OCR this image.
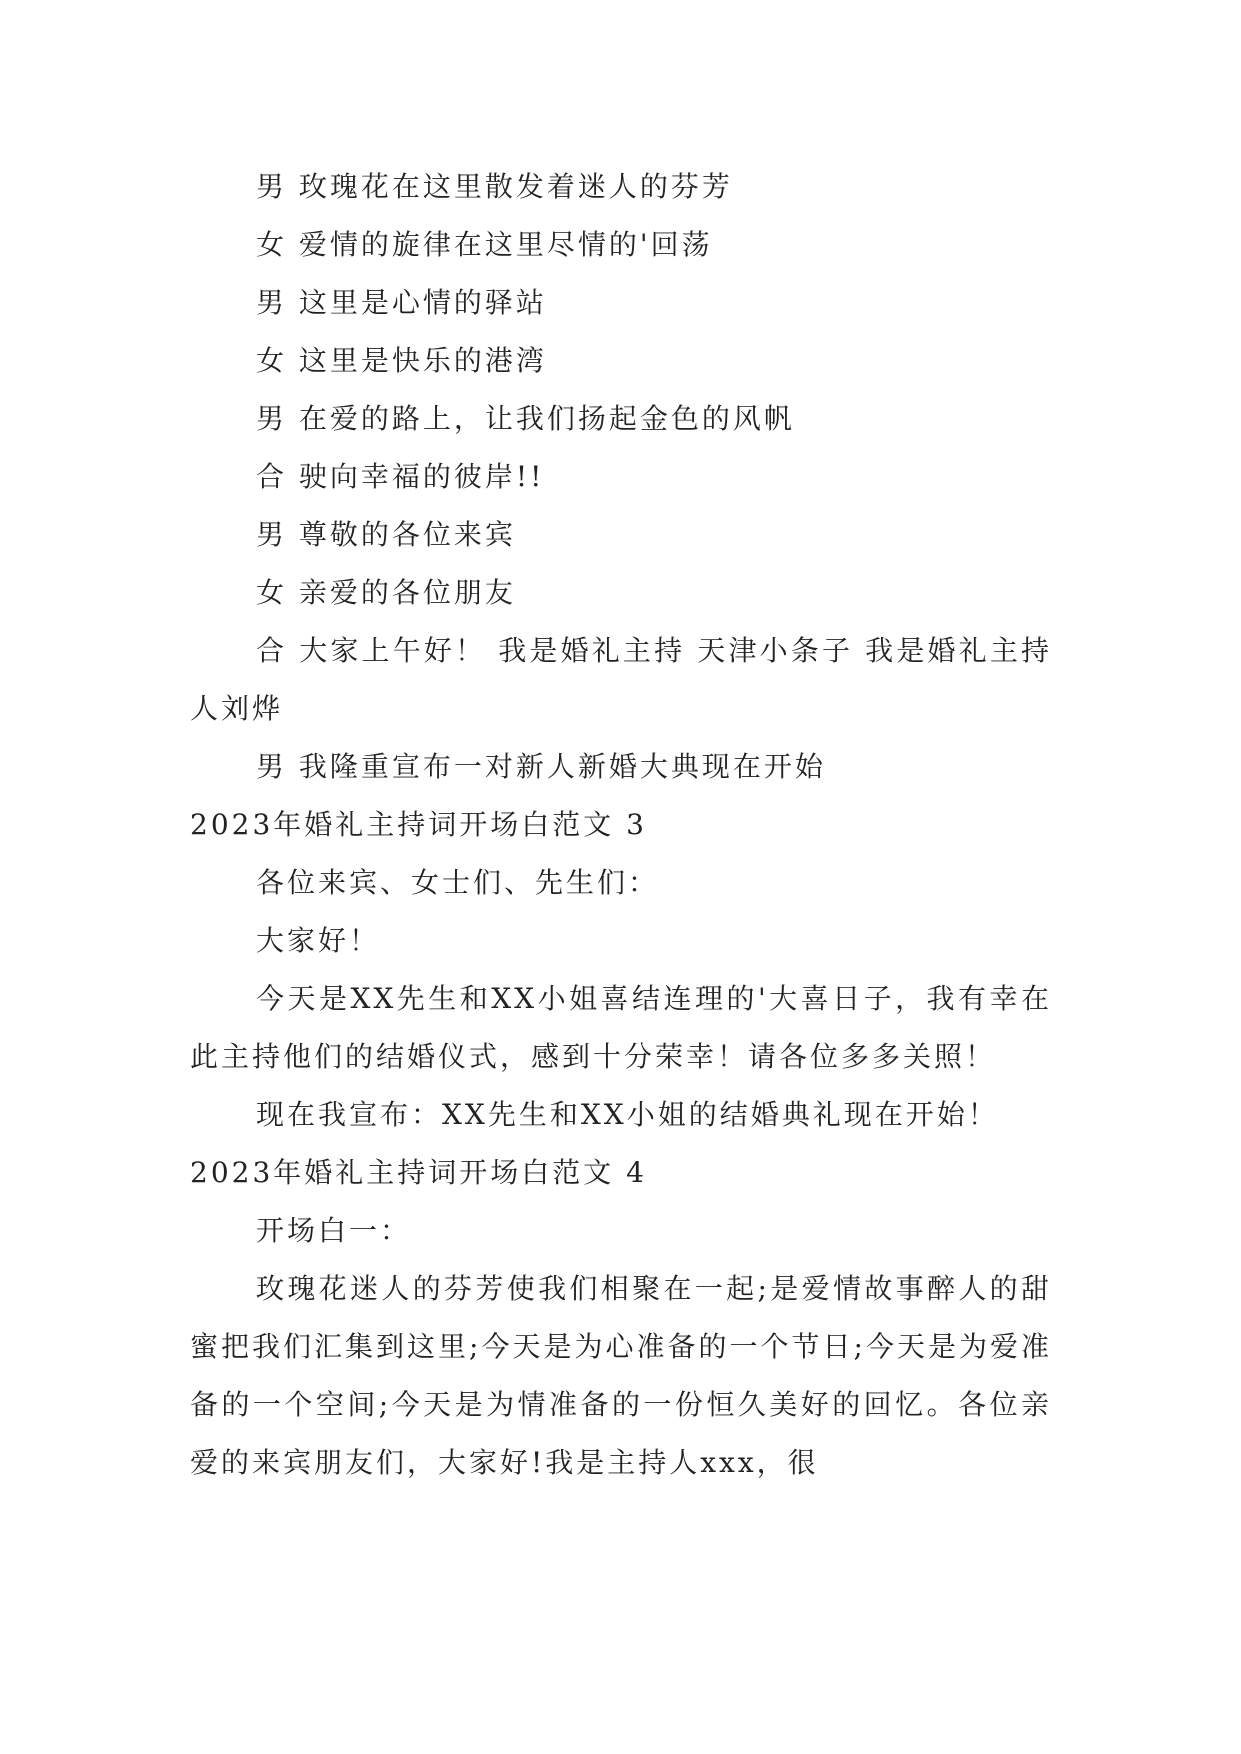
男 玫瑰花在这里散发着迷人的芬芳

女 爱情的旋律在这里尽情的'回荡

男 这里是心情的驿站

女 这里是快乐的港湾

男 在爱的路上，让我们扬起金色的风帆

合 驶向幸福的彼岸!!

男 尊敬的各位来宾

女 亲爱的各位朋友

合 大家上午好！ 我是婚礼主持 天津小条子 我是婚礼主持人刘烨

男 我隆重宣布一对新人新婚大典现在开始

2023年婚礼主持词开场白范文 3

各位来宾、女士们、先生们：

大家好！

今天是XX先生和XX小姐喜结连理的'大喜日子，我有幸在此主持他们的结婚仪式，感到十分荣幸！请各位多多关照！

现在我宣布：XX先生和XX小姐的结婚典礼现在开始！

2023年婚礼主持词开场白范文 4

开场白一：

玫瑰花迷人的芬芳使我们相聚在一起;是爱情故事醉人的甜蜜把我们汇集到这里;今天是为心准备的一个节日;今天是为爱准备的一个空间;今天是为情准备的一份恒久美好的回忆。各位亲爱的来宾朋友们，大家好!我是主持人xxx，很
